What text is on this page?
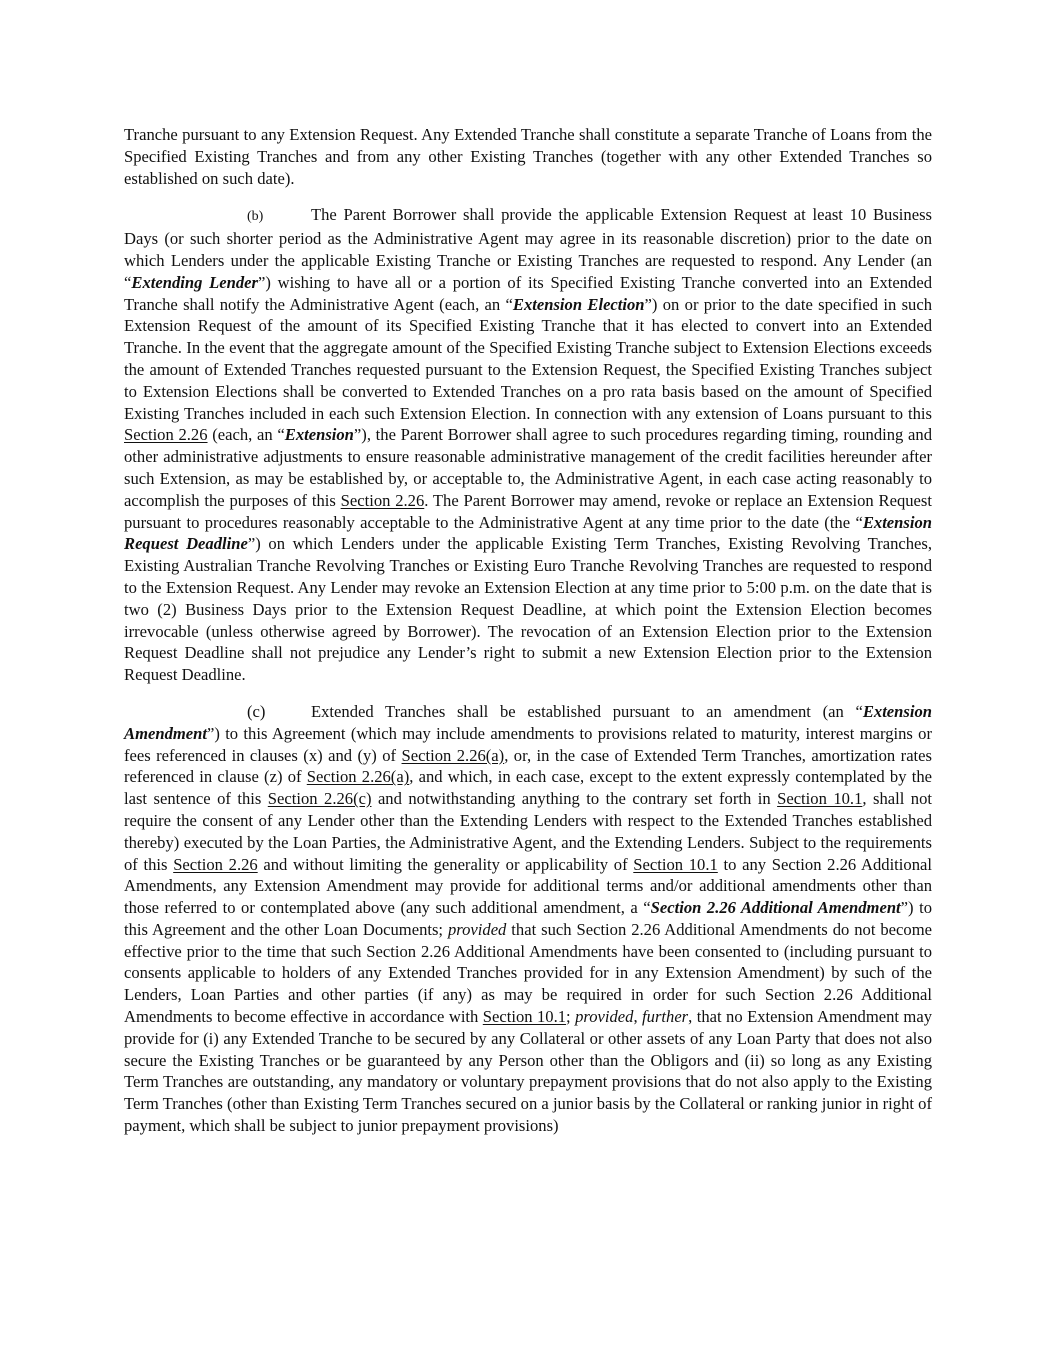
Tranche pursuant to any Extension Request. Any Extended Tranche shall constitute a separate Tranche of Loans from the Specified Existing Tranches and from any other Existing Tranches (together with any other Extended Tranches so established on such date).

(b)	The Parent Borrower shall provide the applicable Extension Request at least 10 Business Days (or such shorter period as the Administrative Agent may agree in its reasonable discretion) prior to the date on which Lenders under the applicable Existing Tranche or Existing Tranches are requested to respond. Any Lender (an “Extending Lender”) wishing to have all or a portion of its Specified Existing Tranche converted into an Extended Tranche shall notify the Administrative Agent (each, an “Extension Election”) on or prior to the date specified in such Extension Request of the amount of its Specified Existing Tranche that it has elected to convert into an Extended Tranche. In the event that the aggregate amount of the Specified Existing Tranche subject to Extension Elections exceeds the amount of Extended Tranches requested pursuant to the Extension Request, the Specified Existing Tranches subject to Extension Elections shall be converted to Extended Tranches on a pro rata basis based on the amount of Specified Existing Tranches included in each such Extension Election. In connection with any extension of Loans pursuant to this Section 2.26 (each, an “Extension”), the Parent Borrower shall agree to such procedures regarding timing, rounding and other administrative adjustments to ensure reasonable administrative management of the credit facilities hereunder after such Extension, as may be established by, or acceptable to, the Administrative Agent, in each case acting reasonably to accomplish the purposes of this Section 2.26. The Parent Borrower may amend, revoke or replace an Extension Request pursuant to procedures reasonably acceptable to the Administrative Agent at any time prior to the date (the “Extension Request Deadline”) on which Lenders under the applicable Existing Term Tranches, Existing Revolving Tranches, Existing Australian Tranche Revolving Tranches or Existing Euro Tranche Revolving Tranches are requested to respond to the Extension Request. Any Lender may revoke an Extension Election at any time prior to 5:00 p.m. on the date that is two (2) Business Days prior to the Extension Request Deadline, at which point the Extension Election becomes irrevocable (unless otherwise agreed by Borrower). The revocation of an Extension Election prior to the Extension Request Deadline shall not prejudice any Lender’s right to submit a new Extension Election prior to the Extension Request Deadline.

(c)	Extended Tranches shall be established pursuant to an amendment (an “Extension Amendment”) to this Agreement (which may include amendments to provisions related to maturity, interest margins or fees referenced in clauses (x) and (y) of Section 2.26(a), or, in the case of Extended Term Tranches, amortization rates referenced in clause (z) of Section 2.26(a), and which, in each case, except to the extent expressly contemplated by the last sentence of this Section 2.26(c) and notwithstanding anything to the contrary set forth in Section 10.1, shall not require the consent of any Lender other than the Extending Lenders with respect to the Extended Tranches established thereby) executed by the Loan Parties, the Administrative Agent, and the Extending Lenders. Subject to the requirements of this Section 2.26 and without limiting the generality or applicability of Section 10.1 to any Section 2.26 Additional Amendments, any Extension Amendment may provide for additional terms and/or additional amendments other than those referred to or contemplated above (any such additional amendment, a “Section 2.26 Additional Amendment”) to this Agreement and the other Loan Documents; provided that such Section 2.26 Additional Amendments do not become effective prior to the time that such Section 2.26 Additional Amendments have been consented to (including pursuant to consents applicable to holders of any Extended Tranches provided for in any Extension Amendment) by such of the Lenders, Loan Parties and other parties (if any) as may be required in order for such Section 2.26 Additional Amendments to become effective in accordance with Section 10.1; provided, further, that no Extension Amendment may provide for (i) any Extended Tranche to be secured by any Collateral or other assets of any Loan Party that does not also secure the Existing Tranches or be guaranteed by any Person other than the Obligors and (ii) so long as any Existing Term Tranches are outstanding, any mandatory or voluntary prepayment provisions that do not also apply to the Existing Term Tranches (other than Existing Term Tranches secured on a junior basis by the Collateral or ranking junior in right of payment, which shall be subject to junior prepayment provisions)
